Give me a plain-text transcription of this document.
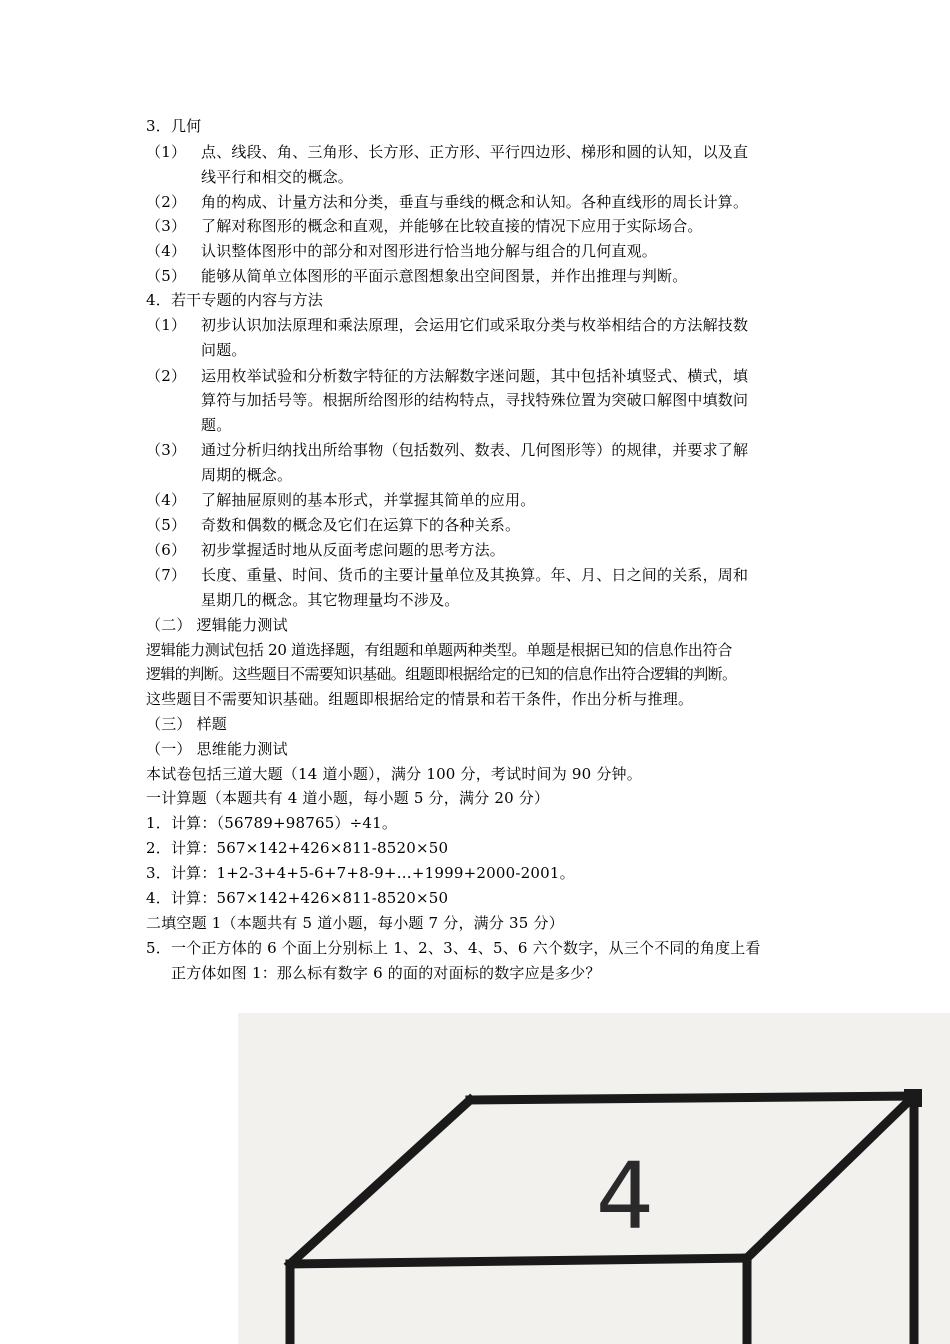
3．几何
（1） 点、线段、角、三角形、长方形、正方形、平行四边形、梯形和圆的认知，以及直
线平行和相交的概念。
（2） 角的构成、计量方法和分类，垂直与垂线的概念和认知。各种直线形的周长计算。
（3） 了解对称图形的概念和直观，并能够在比较直接的情况下应用于实际场合。
（4） 认识整体图形中的部分和对图形进行恰当地分解与组合的几何直观。
（5） 能够从简单立体图形的平面示意图想象出空间图景，并作出推理与判断。
4．若干专题的内容与方法
（1） 初步认识加法原理和乘法原理，会运用它们或采取分类与枚举相结合的方法解技数
问题。
（2） 运用枚举试验和分析数字特征的方法解数字迷问题，其中包括补填竖式、横式，填
算符与加括号等。根据所给图形的结构特点，寻找特殊位置为突破口解图中填数问
题。
（3） 通过分析归纳找出所给事物（包括数列、数表、几何图形等）的规律，并要求了解
周期的概念。
（4） 了解抽屉原则的基本形式，并掌握其简单的应用。
（5） 奇数和偶数的概念及它们在运算下的各种关系。
（6） 初步掌握适时地从反面考虑问题的思考方法。
（7） 长度、重量、时间、货币的主要计量单位及其换算。年、月、日之间的关系，周和
星期几的概念。其它物理量均不涉及。
（二） 逻辑能力测试
逻辑能力测试包括 20 道选择题，有组题和单题两种类型。单题是根据已知的信息作出符合
逻辑的判断。这些题目不需要知识基础。组题即根据给定的已知的信息作出符合逻辑的判断。
这些题目不需要知识基础。组题即根据给定的情景和若干条件，作出分析与推理。
（三） 样题
（一） 思维能力测试
本试卷包括三道大题（14 道小题），满分 100 分，考试时间为 90 分钟。
一计算题（本题共有 4 道小题，每小题 5 分，满分 20 分）
1．计算：（56789+98765）÷41。
2．计算：567×142+426×811-8520×50
3．计算：1+2-3+4+5-6+7+8-9+…+1999+2000-2001。
4．计算：567×142+426×811-8520×50
二填空题 1（本题共有 5 道小题，每小题 7 分，满分 35 分）
5．一个正方体的 6 个面上分别标上 1、2、3、4、5、6 六个数字，从三个不同的角度上看
正方体如图 1：那么标有数字 6 的面的对面标的数字应是多少？
4
